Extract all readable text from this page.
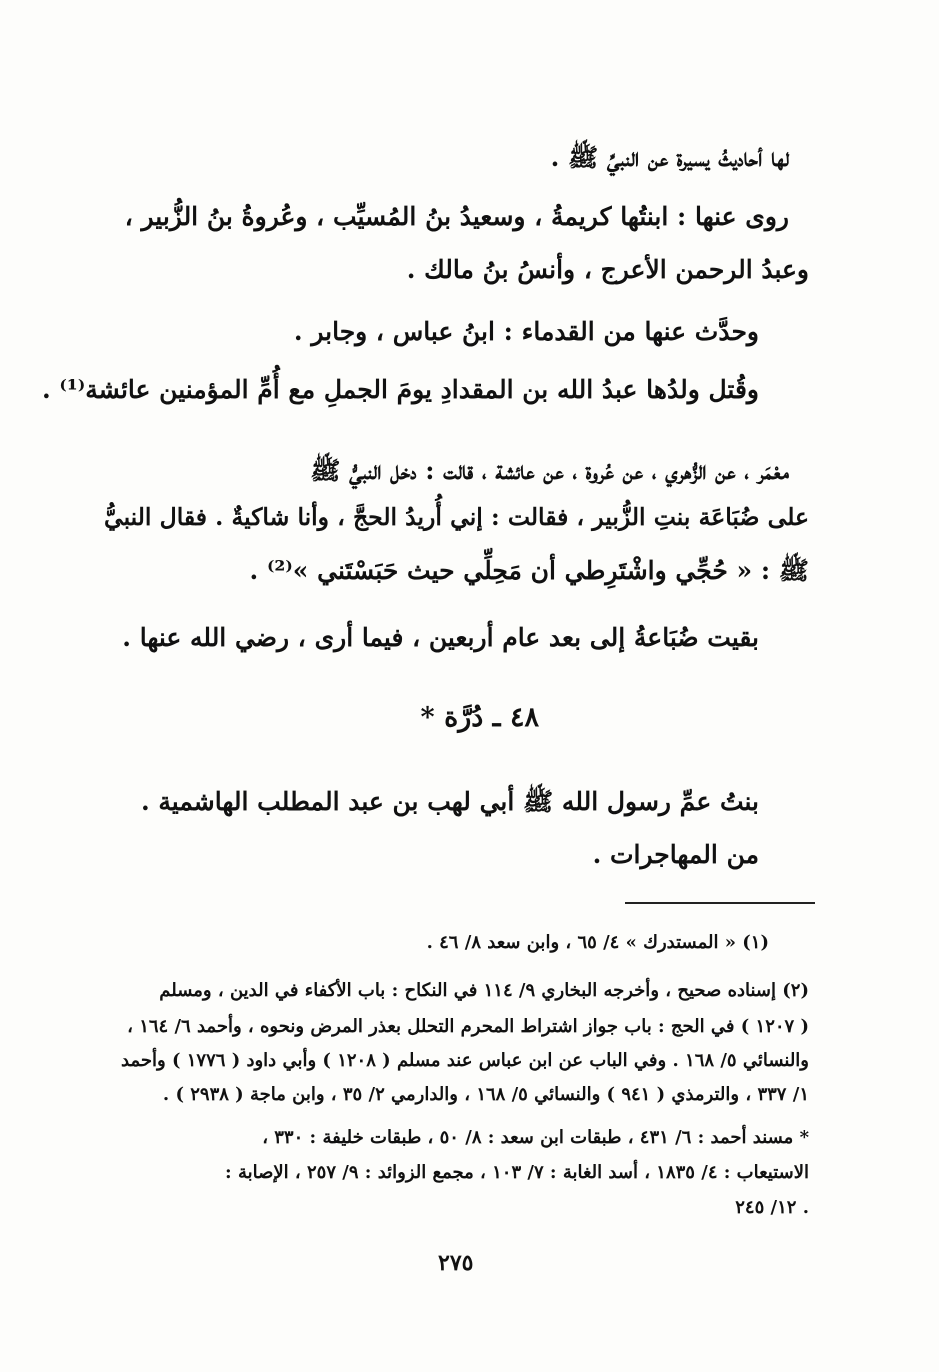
لها أحاديثُ يسيرة عن النبيِّ ﷺ .
روى عنها : ابنتُها كريمةُ ، وسعيدُ بنُ المُسيِّب ، وعُروةُ بنُ الزُّبير ،
وعبدُ الرحمن الأعرج ، وأنسُ بنُ مالك .
وحدَّث عنها من القدماء : ابنُ عباس ، وجابر .
وقُتل ولدُها عبدُ الله بن المقدادِ يومَ الجملِ مع أُمِّ المؤمنين عائشة⁽¹⁾ .
معْمَر ، عن الزُّهري ، عن عُروة ، عن عائشة ، قالت : دخل النبيُّ ﷺ
على ضُبَاعَة بنتِ الزُّبير ، فقالت : إني أُريدُ الحجَّ ، وأنا شاكيةٌ . فقال النبيُّ
ﷺ : « حُجِّي واشْتَرِطي أن مَحِلِّي حيث حَبَسْتَني »⁽²⁾ .
بقيت ضُبَاعةُ إلى بعد عام أربعين ، فيما أرى ، رضي الله عنها .
٤٨ ـ دُرَّة *
بنتُ عمِّ رسول الله ﷺ أبي لهب بن عبد المطلب الهاشمية .
من المهاجرات .
(١) « المستدرك » ٤/ ٦٥ ، وابن سعد ٨/ ٤٦ .
(٢) إسناده صحيح ، وأخرجه البخاري ٩/ ١١٤ في النكاح : باب الأكفاء في الدين ، ومسلم
( ١٢٠٧ ) في الحج : باب جواز اشتراط المحرم التحلل بعذر المرض ونحوه ، وأحمد ٦/ ١٦٤ ،
والنسائي ٥/ ١٦٨ . وفي الباب عن ابن عباس عند مسلم ( ١٢٠٨ ) وأبي داود ( ١٧٧٦ ) وأحمد
١/ ٣٣٧ ، والترمذي ( ٩٤١ ) والنسائي ٥/ ١٦٨ ، والدارمي ٢/ ٣٥ ، وابن ماجة ( ٢٩٣٨ ) .
* مسند أحمد : ٦/ ٤٣١ ، طبقات ابن سعد : ٨/ ٥٠ ، طبقات خليفة : ٣٣٠ ،
الاستيعاب : ٤/ ١٨٣٥ ، أسد الغابة : ٧/ ١٠٣ ، مجمع الزوائد : ٩/ ٢٥٧ ، الإصابة :
١٢/ ٢٤٥ .
٢٧٥
